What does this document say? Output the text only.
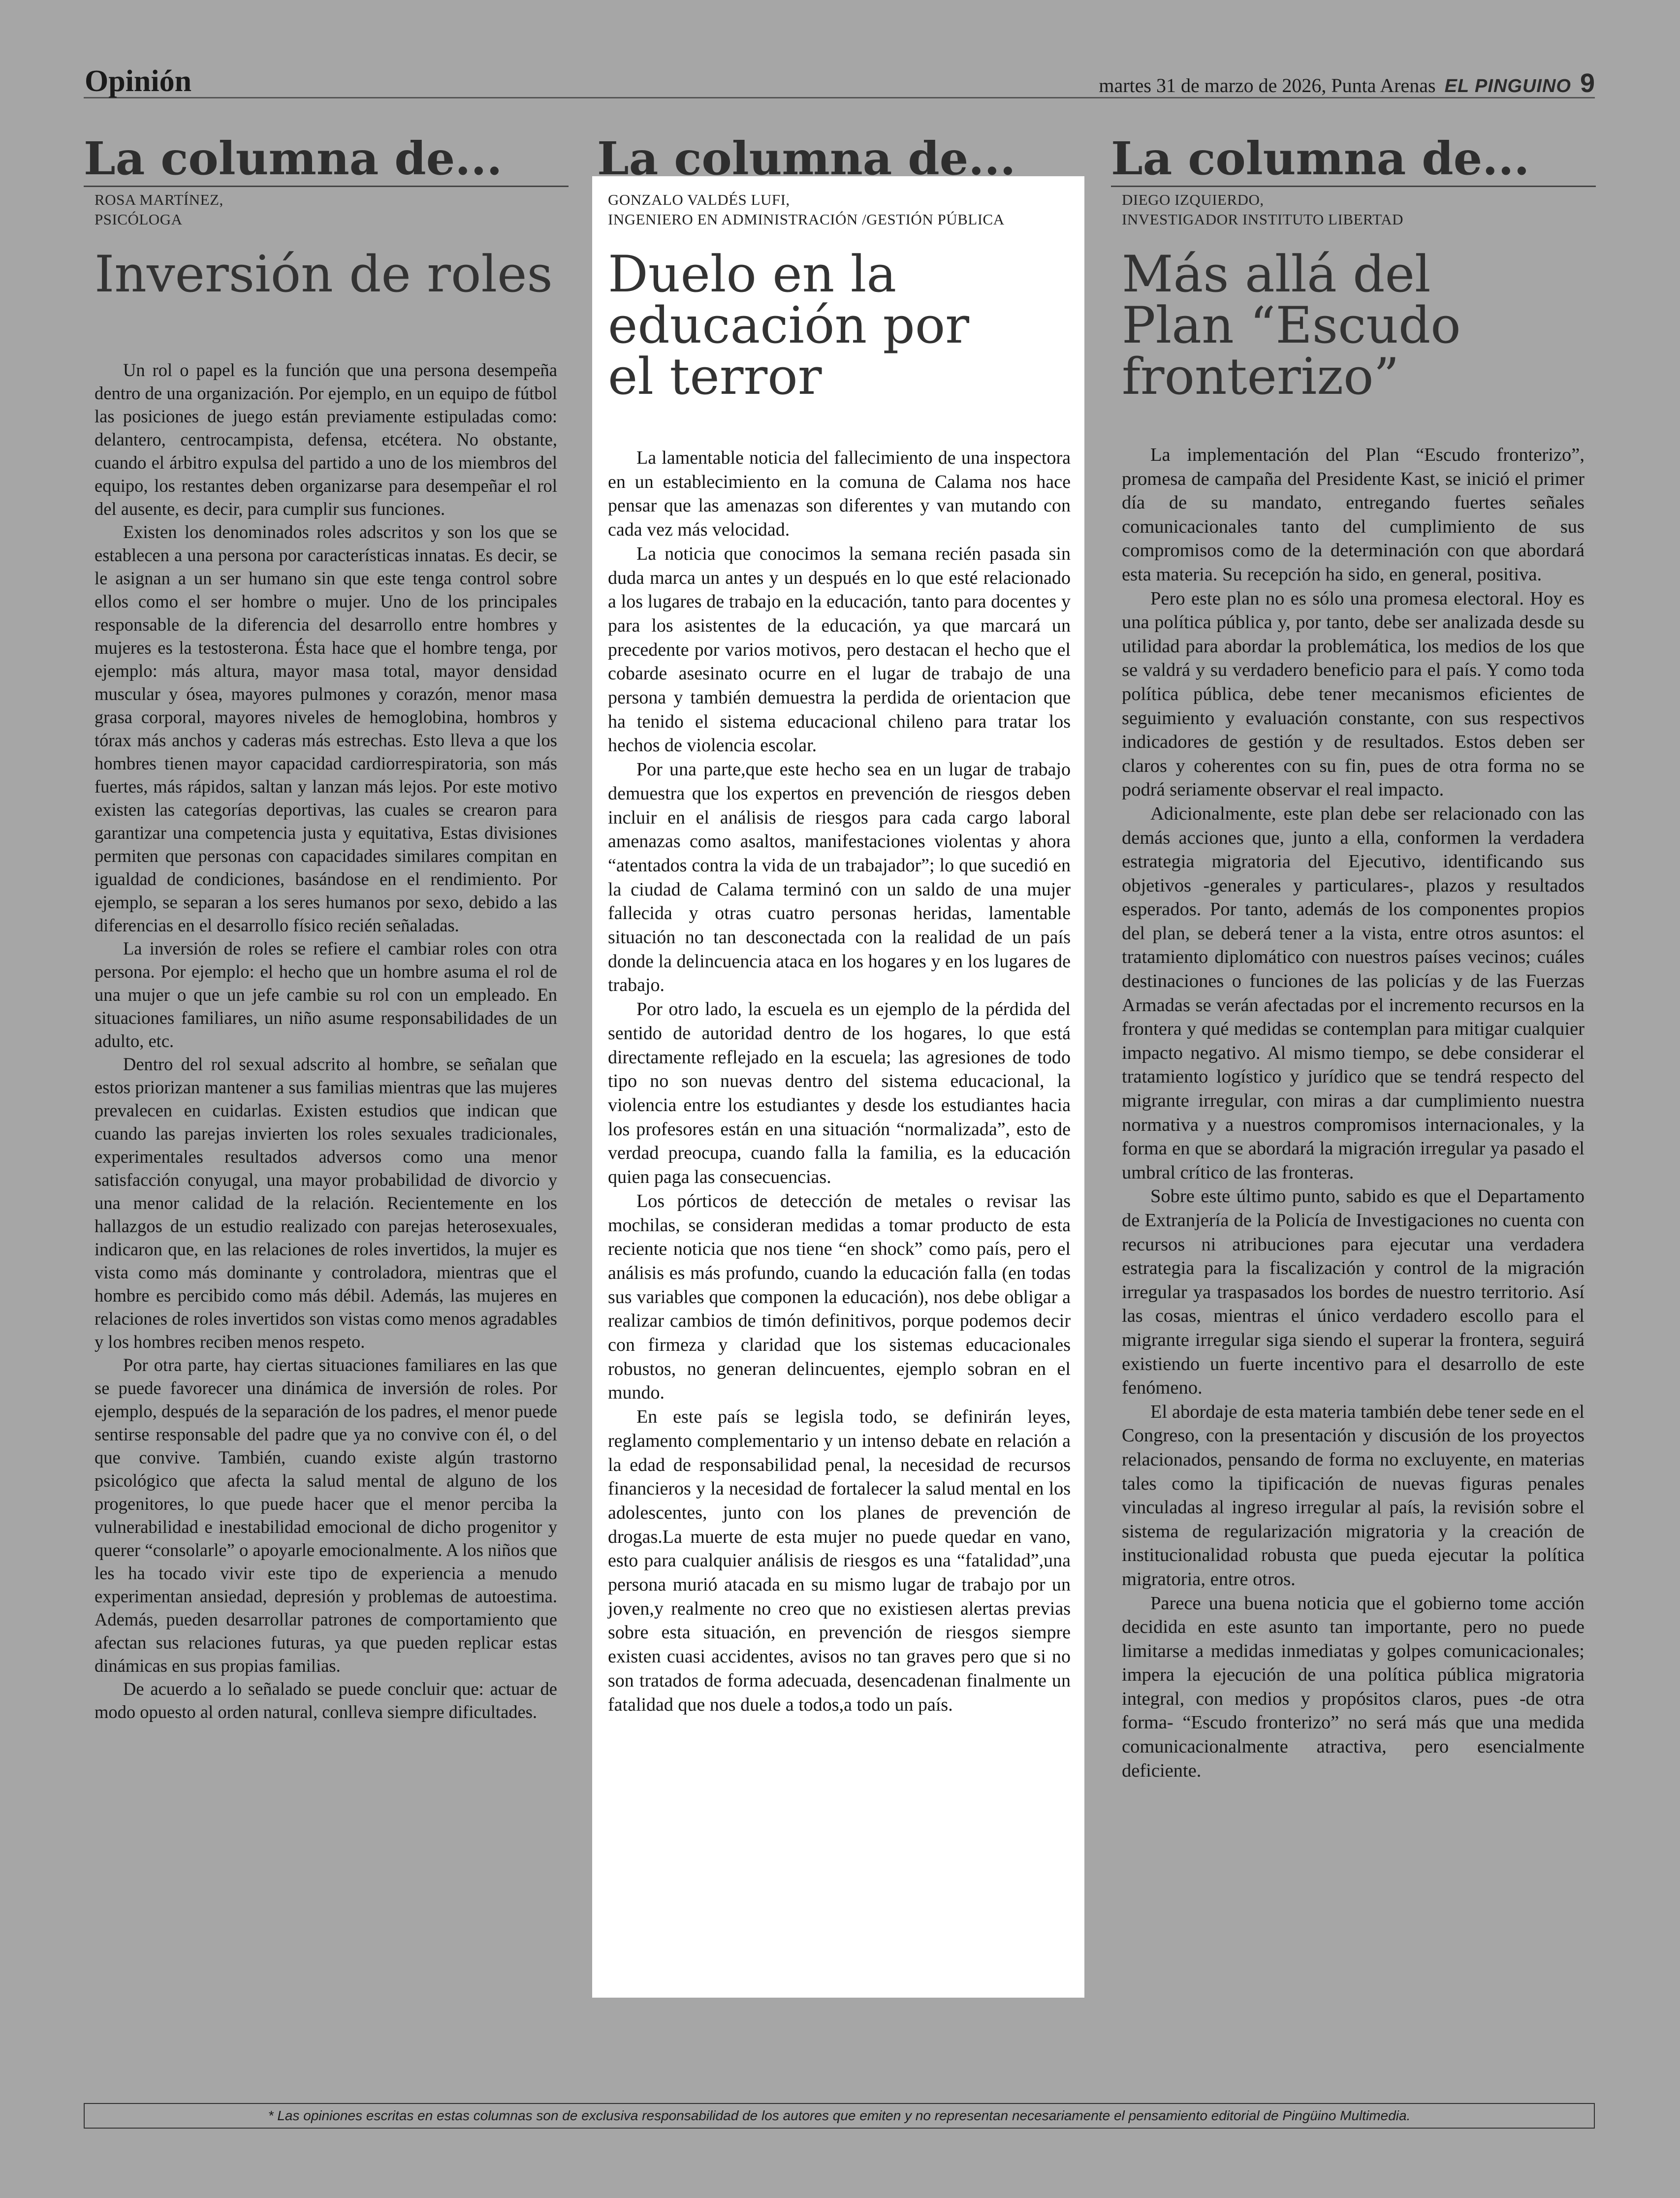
Opinión	martes 31 de marzo de 2026, Punta Arenas EL PINGUINO 9
La columna de...
ROSA MARTÍNEZ,
PSICÓLOGA
Inversión de roles

Un rol o papel es la función que una persona desempeña dentro de una organización. Por ejemplo, en un equipo de fútbol las posiciones de juego están previamente estipuladas como: delantero, centrocampista, defensa, etcétera. No obstante, cuando el árbitro expulsa del partido a uno de los miembros del equipo, los restantes deben organizarse para desempeñar el rol del ausente, es decir, para cumplir sus funciones.

Existen los denominados roles adscritos y son los que se establecen a una persona por características innatas. Es decir, se le asignan a un ser humano sin que este tenga control sobre ellos como el ser hombre o mujer. Uno de los principales responsable de la diferencia del desarrollo entre hombres y mujeres es la testosterona. Ésta hace que el hombre tenga, por ejemplo: más altura, mayor masa total, mayor densidad muscular y ósea, mayores pulmones y corazón, menor masa grasa corporal, mayores niveles de hemoglobina, hombros y tórax más anchos y caderas más estrechas. Esto lleva a que los hombres tienen mayor capacidad cardiorrespiratoria, son más fuertes, más rápidos, saltan y lanzan más lejos. Por este motivo existen las categorías deportivas, las cuales se crearon para garantizar una competencia justa y equitativa, Estas divisiones permiten que personas con capacidades similares compitan en igualdad de condiciones, basándose en el rendimiento. Por ejemplo, se separan a los seres humanos por sexo, debido a las diferencias en el desarrollo físico recién señaladas.

La inversión de roles se refiere el cambiar roles con otra persona. Por ejemplo: el hecho que un hombre asuma el rol de una mujer o que un jefe cambie su rol con un empleado. En situaciones familiares, un niño asume responsabilidades de un adulto, etc.

Dentro del rol sexual adscrito al hombre, se señalan que estos priorizan mantener a sus familias mientras que las mujeres prevalecen en cuidarlas. Existen estudios que indican que cuando las parejas invierten los roles sexuales tradicionales, experimentales resultados adversos como una menor satisfacción conyugal, una mayor probabilidad de divorcio y una menor calidad de la relación. Recientemente en los hallazgos de un estudio realizado con parejas heterosexuales, indicaron que, en las relaciones de roles invertidos, la mujer es vista como más dominante y controladora, mientras que el hombre es percibido como más débil. Además, las mujeres en relaciones de roles invertidos son vistas como menos agradables y los hombres reciben menos respeto.

Por otra parte, hay ciertas situaciones familiares en las que se puede favorecer una dinámica de inversión de roles. Por ejemplo, después de la separación de los padres, el menor puede sentirse responsable del padre que ya no convive con él, o del que convive. También, cuando existe algún trastorno psicológico que afecta la salud mental de alguno de los progenitores, lo que puede hacer que el menor perciba la vulnerabilidad e inestabilidad emocional de dicho progenitor y querer “consolarle” o apoyarle emocionalmente. A los niños que les ha tocado vivir este tipo de experiencia a menudo experimentan ansiedad, depresión y problemas de autoestima. Además, pueden desarrollar patrones de comportamiento que afectan sus relaciones futuras, ya que pueden replicar estas dinámicas en sus propias familias.

De acuerdo a lo señalado se puede concluir que: actuar de modo opuesto al orden natural, conlleva siempre dificultades.

La columna de...
GONZALO VALDÉS LUFI,
INGENIERO EN ADMINISTRACIÓN /GESTIÓN PÚBLICA
Duelo en la
educación por
el terror

La lamentable noticia del fallecimiento de una inspectora en un establecimiento en la comuna de Calama nos hace pensar que las amenazas son diferentes y van mutando con cada vez más velocidad.

La noticia que conocimos la semana recién pasada sin duda marca un antes y un después en lo que esté relacionado a los lugares de trabajo en la educación, tanto para docentes y para los asistentes de la educación, ya que marcará un precedente por varios motivos, pero destacan el hecho que el cobarde asesinato ocurre en el lugar de trabajo de una persona y también demuestra la perdida de orientacion que ha tenido el sistema educacional chileno para tratar los hechos de violencia escolar.

Por una parte,que este hecho sea en un lugar de trabajo demuestra que los expertos en prevención de riesgos deben incluir en el análisis de riesgos para cada cargo laboral amenazas como asaltos, manifestaciones violentas y ahora “atentados contra la vida de un trabajador”; lo que sucedió en la ciudad de Calama terminó con un saldo de una mujer fallecida y otras cuatro personas heridas, lamentable situación no tan desconectada con la realidad de un país donde la delincuencia ataca en los hogares y en los lugares de trabajo.

Por otro lado, la escuela es un ejemplo de la pérdida del sentido de autoridad dentro de los hogares, lo que está directamente reflejado en la escuela; las agresiones de todo tipo no son nuevas dentro del sistema educacional, la violencia entre los estudiantes y desde los estudiantes hacia los profesores están en una situación “normalizada”, esto de verdad preocupa, cuando falla la familia, es la educación quien paga las consecuencias.

Los pórticos de detección de metales o revisar las mochilas, se consideran medidas a tomar producto de esta reciente noticia que nos tiene “en shock” como país, pero el análisis es más profundo, cuando la educación falla (en todas sus variables que componen la educación), nos debe obligar a realizar cambios de timón definitivos, porque podemos decir con firmeza y claridad que los sistemas educacionales robustos, no generan delincuentes, ejemplo sobran en el mundo.

En este país se legisla todo, se definirán leyes, reglamento complementario y un intenso debate en relación a la edad de responsabilidad penal, la necesidad de recursos financieros y la necesidad de fortalecer la salud mental en los adolescentes, junto con los planes de prevención de drogas.La muerte de esta mujer no puede quedar en vano, esto para cualquier análisis de riesgos es una “fatalidad”,una persona murió atacada en su mismo lugar de trabajo por un joven,y realmente no creo que no existiesen alertas previas sobre esta situación, en prevención de riesgos siempre existen cuasi accidentes, avisos no tan graves pero que si no son tratados de forma adecuada, desencadenan finalmente un fatalidad que nos duele a todos,a todo un país.

La columna de...
DIEGO IZQUIERDO,
INVESTIGADOR INSTITUTO LIBERTAD
Más allá del
Plan “Escudo
fronterizo”

La implementación del Plan “Escudo fronterizo”, promesa de campaña del Presidente Kast, se inició el primer día de su mandato, entregando fuertes señales comunicacionales tanto del cumplimiento de sus compromisos como de la determinación con que abordará esta materia. Su recepción ha sido, en general, positiva.

Pero este plan no es sólo una promesa electoral. Hoy es una política pública y, por tanto, debe ser analizada desde su utilidad para abordar la problemática, los medios de los que se valdrá y su verdadero beneficio para el país. Y como toda política pública, debe tener mecanismos eficientes de seguimiento y evaluación constante, con sus respectivos indicadores de gestión y de resultados. Estos deben ser claros y coherentes con su fin, pues de otra forma no se podrá seriamente observar el real impacto.

Adicionalmente, este plan debe ser relacionado con las demás acciones que, junto a ella, conformen la verdadera estrategia migratoria del Ejecutivo, identificando sus objetivos -generales y particulares-, plazos y resultados esperados. Por tanto, además de los componentes propios del plan, se deberá tener a la vista, entre otros asuntos: el tratamiento diplomático con nuestros países vecinos; cuáles destinaciones o funciones de las policías y de las Fuerzas Armadas se verán afectadas por el incremento recursos en la frontera y qué medidas se contemplan para mitigar cualquier impacto negativo. Al mismo tiempo, se debe considerar el tratamiento logístico y jurídico que se tendrá respecto del migrante irregular, con miras a dar cumplimiento nuestra normativa y a nuestros compromisos internacionales, y la forma en que se abordará la migración irregular ya pasado el umbral crítico de las fronteras.

Sobre este último punto, sabido es que el Departamento de Extranjería de la Policía de Investigaciones no cuenta con recursos ni atribuciones para ejecutar una verdadera estrategia para la fiscalización y control de la migración irregular ya traspasados los bordes de nuestro territorio. Así las cosas, mientras el único verdadero escollo para el migrante irregular siga siendo el superar la frontera, seguirá existiendo un fuerte incentivo para el desarrollo de este fenómeno.

El abordaje de esta materia también debe tener sede en el Congreso, con la presentación y discusión de los proyectos relacionados, pensando de forma no excluyente, en materias tales como la tipificación de nuevas figuras penales vinculadas al ingreso irregular al país, la revisión sobre el sistema de regularización migratoria y la creación de institucionalidad robusta que pueda ejecutar la política migratoria, entre otros.

Parece una buena noticia que el gobierno tome acción decidida en este asunto tan importante, pero no puede limitarse a medidas inmediatas y golpes comunicacionales; impera la ejecución de una política pública migratoria integral, con medios y propósitos claros, pues -de otra forma- “Escudo fronterizo” no será más que una medida comunicacionalmente atractiva, pero esencialmente deficiente.

* Las opiniones escritas en estas columnas son de exclusiva responsabilidad de los autores que emiten y no representan necesariamente el pensamiento editorial de Pingüino Multimedia.
